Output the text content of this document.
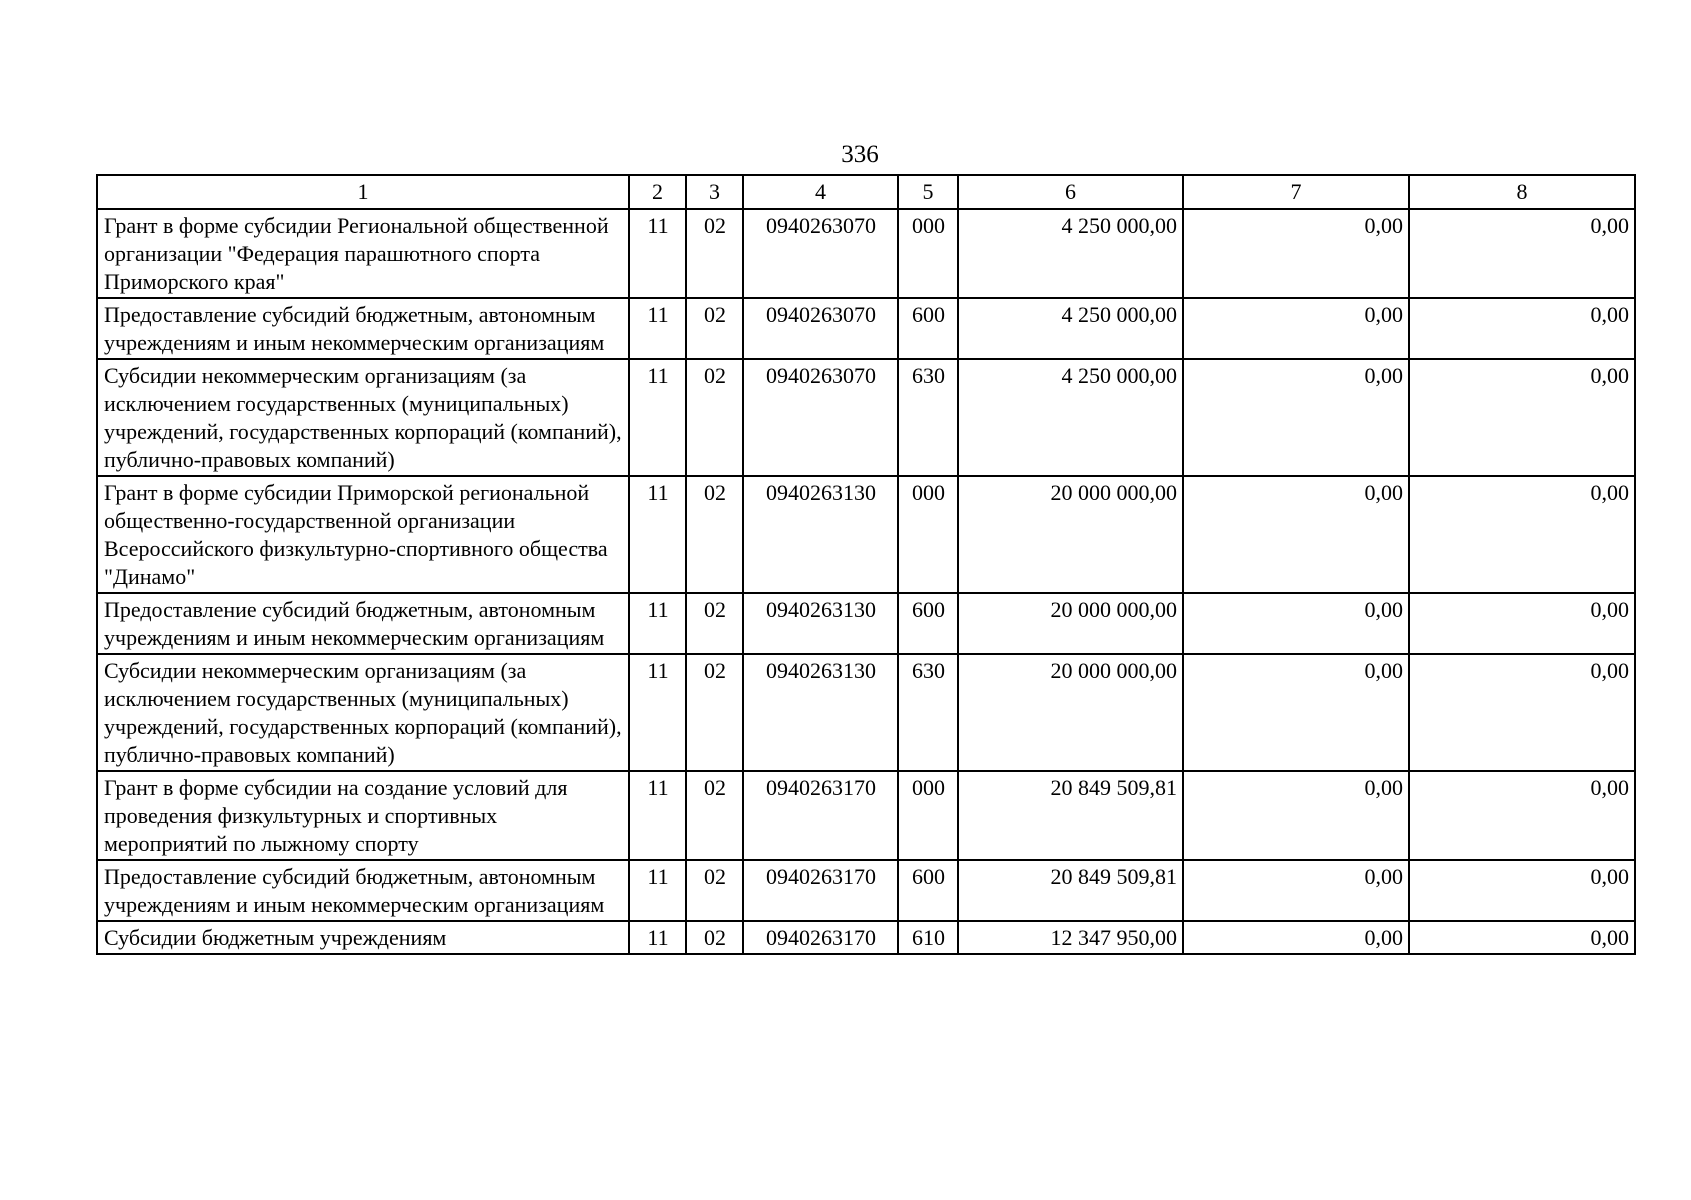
336
1	2	3	4	5	6	7	8
Грант в форме субсидии Региональной общественной организации "Федерация парашютного спорта Приморского края"	11	02	0940263070	000	4 250 000,00	0,00	0,00
Предоставление субсидий бюджетным, автономным учреждениям и иным некоммерческим организациям	11	02	0940263070	600	4 250 000,00	0,00	0,00
Субсидии некоммерческим организациям (за исключением государственных (муниципальных) учреждений, государственных корпораций (компаний), публично-правовых компаний)	11	02	0940263070	630	4 250 000,00	0,00	0,00
Грант в форме субсидии Приморской региональной общественно-государственной организации Всероссийского физкультурно-спортивного общества "Динамо"	11	02	0940263130	000	20 000 000,00	0,00	0,00
Предоставление субсидий бюджетным, автономным учреждениям и иным некоммерческим организациям	11	02	0940263130	600	20 000 000,00	0,00	0,00
Субсидии некоммерческим организациям (за исключением государственных (муниципальных) учреждений, государственных корпораций (компаний), публично-правовых компаний)	11	02	0940263130	630	20 000 000,00	0,00	0,00
Грант в форме субсидии на создание условий для проведения физкультурных и спортивных мероприятий по лыжному спорту	11	02	0940263170	000	20 849 509,81	0,00	0,00
Предоставление субсидий бюджетным, автономным учреждениям и иным некоммерческим организациям	11	02	0940263170	600	20 849 509,81	0,00	0,00
Субсидии бюджетным учреждениям	11	02	0940263170	610	12 347 950,00	0,00	0,00
